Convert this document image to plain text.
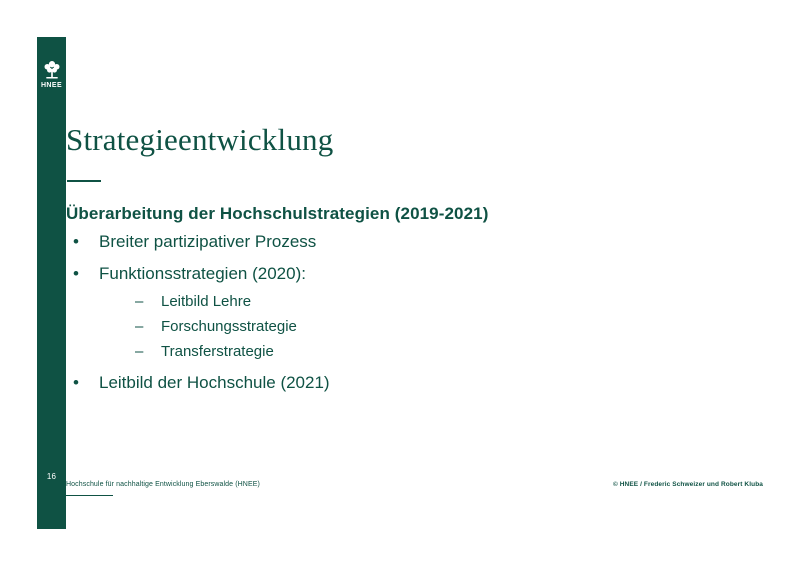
HNEE
16
Strategieentwicklung
Überarbeitung der Hochschulstrategien (2019-2021)
• Breiter partizipativer Prozess
• Funktionsstrategien (2020):
– Leitbild Lehre
– Forschungsstrategie
– Transferstrategie
• Leitbild der Hochschule (2021)
Hochschule für nachhaltige Entwicklung Eberswalde (HNEE)	© HNEE / Frederic Schweizer und Robert Kluba
